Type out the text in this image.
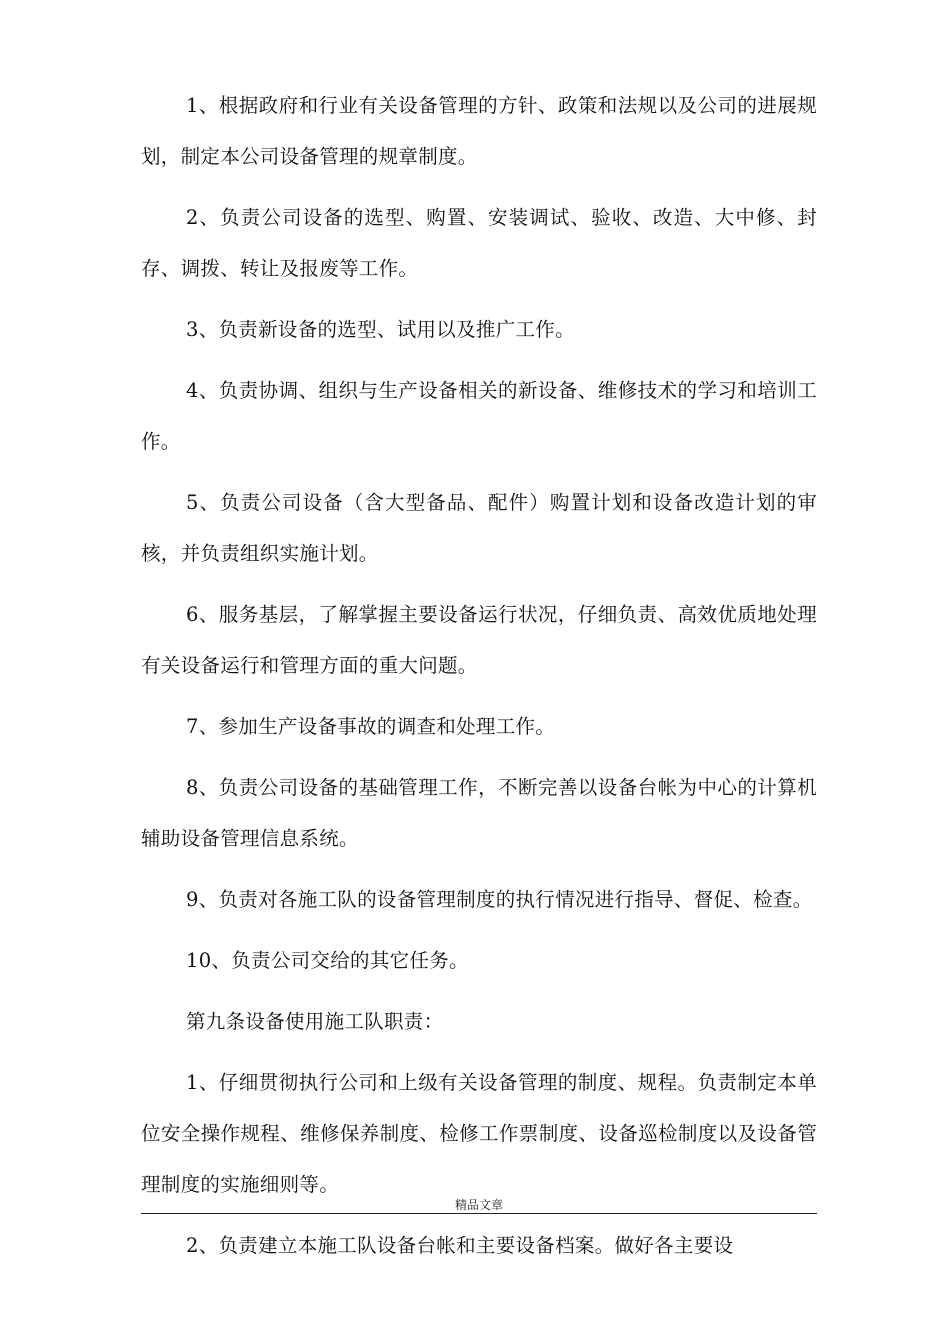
1、根据政府和行业有关设备管理的方针、政策和法规以及公司的进展规划，制定本公司设备管理的规章制度。

2、负责公司设备的选型、购置、安装调试、验收、改造、大中修、封存、调拨、转让及报废等工作。

3、负责新设备的选型、试用以及推广工作。

4、负责协调、组织与生产设备相关的新设备、维修技术的学习和培训工作。

5、负责公司设备（含大型备品、配件）购置计划和设备改造计划的审核，并负责组织实施计划。

6、服务基层，了解掌握主要设备运行状况，仔细负责、高效优质地处理有关设备运行和管理方面的重大问题。

7、参加生产设备事故的调查和处理工作。

8、负责公司设备的基础管理工作，不断完善以设备台帐为中心的计算机辅助设备管理信息系统。

9、负责对各施工队的设备管理制度的执行情况进行指导、督促、检查。

10、负责公司交给的其它任务。

第九条设备使用施工队职责：

1、仔细贯彻执行公司和上级有关设备管理的制度、规程。负责制定本单位安全操作规程、维修保养制度、检修工作票制度、设备巡检制度以及设备管理制度的实施细则等。

2、负责建立本施工队设备台帐和主要设备档案。做好各主要设

精品文章
